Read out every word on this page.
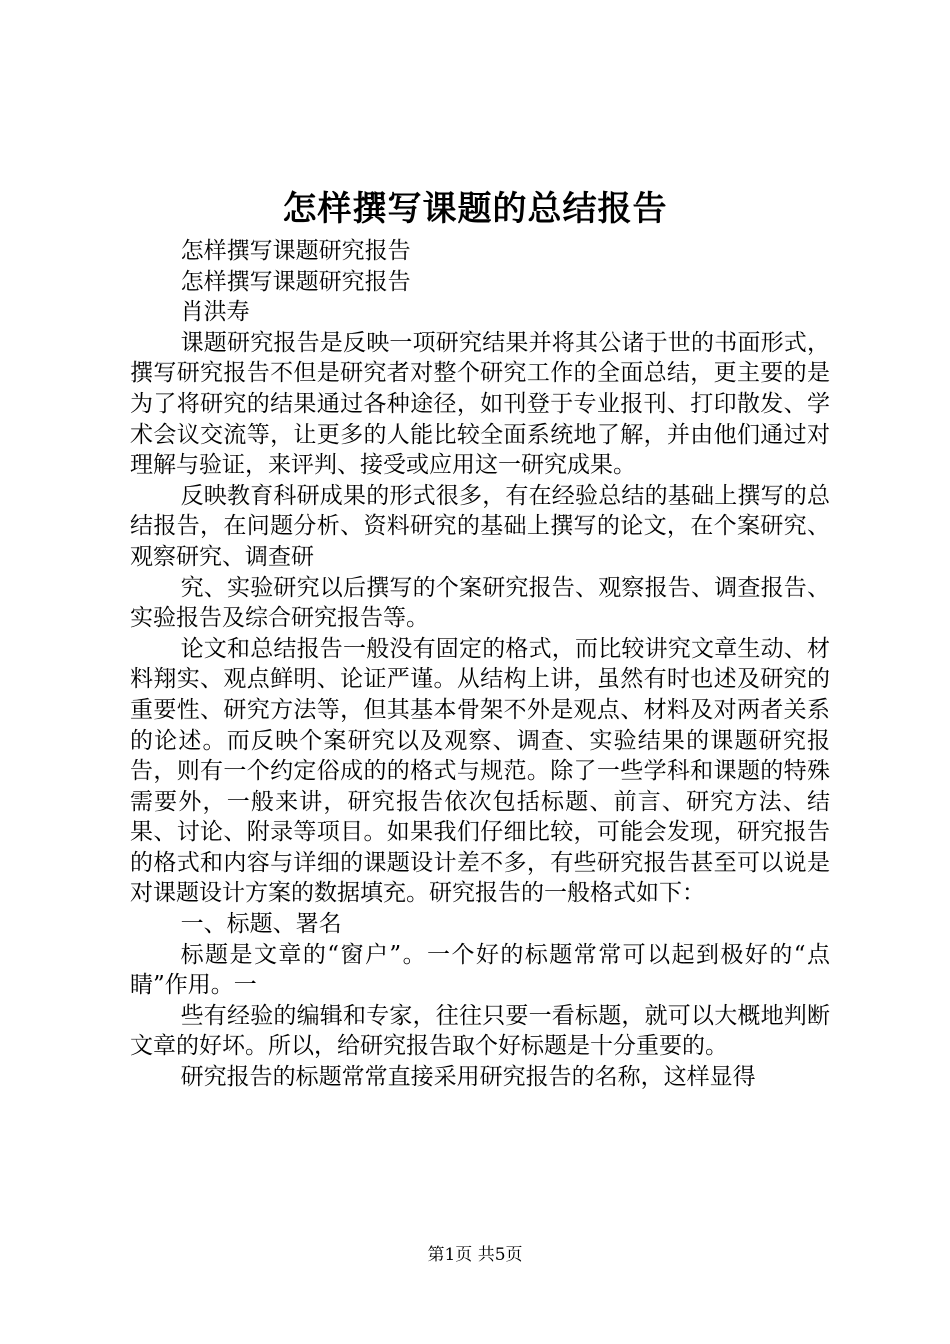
怎样撰写课题的总结报告

怎样撰写课题研究报告

怎样撰写课题研究报告

肖洪寿

课题研究报告是反映一项研究结果并将其公诸于世的书面形式，撰写研究报告不但是研究者对整个研究工作的全面总结，更主要的是为了将研究的结果通过各种途径，如刊登于专业报刊、打印散发、学术会议交流等，让更多的人能比较全面系统地了解，并由他们通过对理解与验证，来评判、接受或应用这一研究成果。

反映教育科研成果的形式很多，有在经验总结的基础上撰写的总结报告，在问题分析、资料研究的基础上撰写的论文，在个案研究、观察研究、调查研

究、实验研究以后撰写的个案研究报告、观察报告、调查报告、实验报告及综合研究报告等。

论文和总结报告一般没有固定的格式，而比较讲究文章生动、材料翔实、观点鲜明、论证严谨。从结构上讲，虽然有时也述及研究的重要性、研究方法等，但其基本骨架不外是观点、材料及对两者关系的论述。而反映个案研究以及观察、调查、实验结果的课题研究报告，则有一个约定俗成的的格式与规范。除了一些学科和课题的特殊需要外，一般来讲，研究报告依次包括标题、前言、研究方法、结果、讨论、附录等项目。如果我们仔细比较，可能会发现，研究报告的格式和内容与详细的课题设计差不多，有些研究报告甚至可以说是对课题设计方案的数据填充。研究报告的一般格式如下：

一、标题、署名

标题是文章的“窗户”。一个好的标题常常可以起到极好的“点睛”作用。一

些有经验的编辑和专家，往往只要一看标题，就可以大概地判断文章的好坏。所以，给研究报告取个好标题是十分重要的。

研究报告的标题常常直接采用研究报告的名称，这样显得

第1页 共5页
